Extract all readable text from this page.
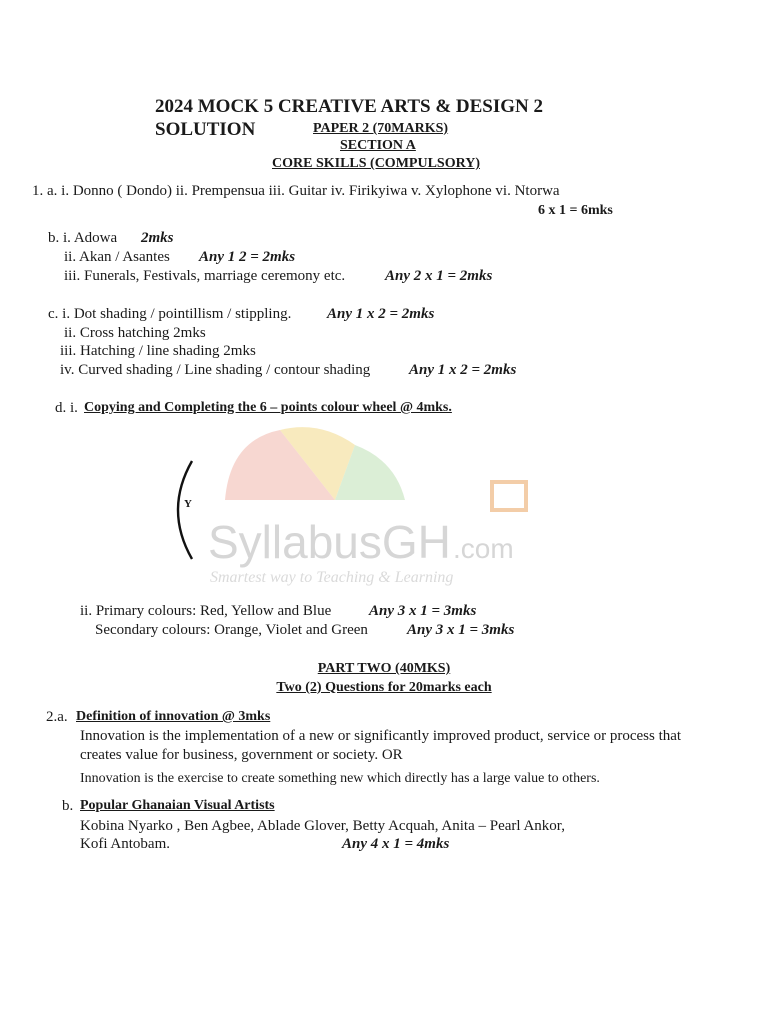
2024 MOCK 5 CREATIVE ARTS & DESIGN 2
SOLUTION	PAPER 2 (70MARKS)
SECTION A
CORE SKILLS (COMPULSORY)
1. a. i. Donno ( Dondo) ii. Prempensua iii. Guitar iv. Firikyiwa v. Xylophone vi. Ntorwa
6 x 1 = 6mks
b. i. Adowa 2mks
ii. Akan / Asantes Any 1 2 = 2mks
iii. Funerals, Festivals, marriage ceremony etc.	Any 2 x 1 = 2mks
c. i. Dot shading / pointillism / stippling. Any 1 x 2 = 2mks
ii. Cross hatching 2mks
iii. Hatching / line shading 2mks
iv. Curved shading / Line shading / contour shading	Any 1 x 2 = 2mks
d. i. Copying and Completing the 6 – points colour wheel @ 4mks.
Y
SyllabusGH .com
Smartest way to Teaching & Learning
ii. Primary colours: Red, Yellow and Blue	Any 3 x 1 = 3mks
Secondary colours: Orange, Violet and Green	Any 3 x 1 = 3mks
PART TWO (40MKS)
Two (2) Questions for 20marks each
2.a. Definition of innovation @ 3mks
Innovation is the implementation of a new or significantly improved product, service or process that
creates value for business, government or society. OR
Innovation is the exercise to create something new which directly has a large value to others.
b. Popular Ghanaian Visual Artists
Kobina Nyarko , Ben Agbee, Ablade Glover, Betty Acquah, Anita – Pearl Ankor,
Kofi Antobam.	Any 4 x 1 = 4mks
